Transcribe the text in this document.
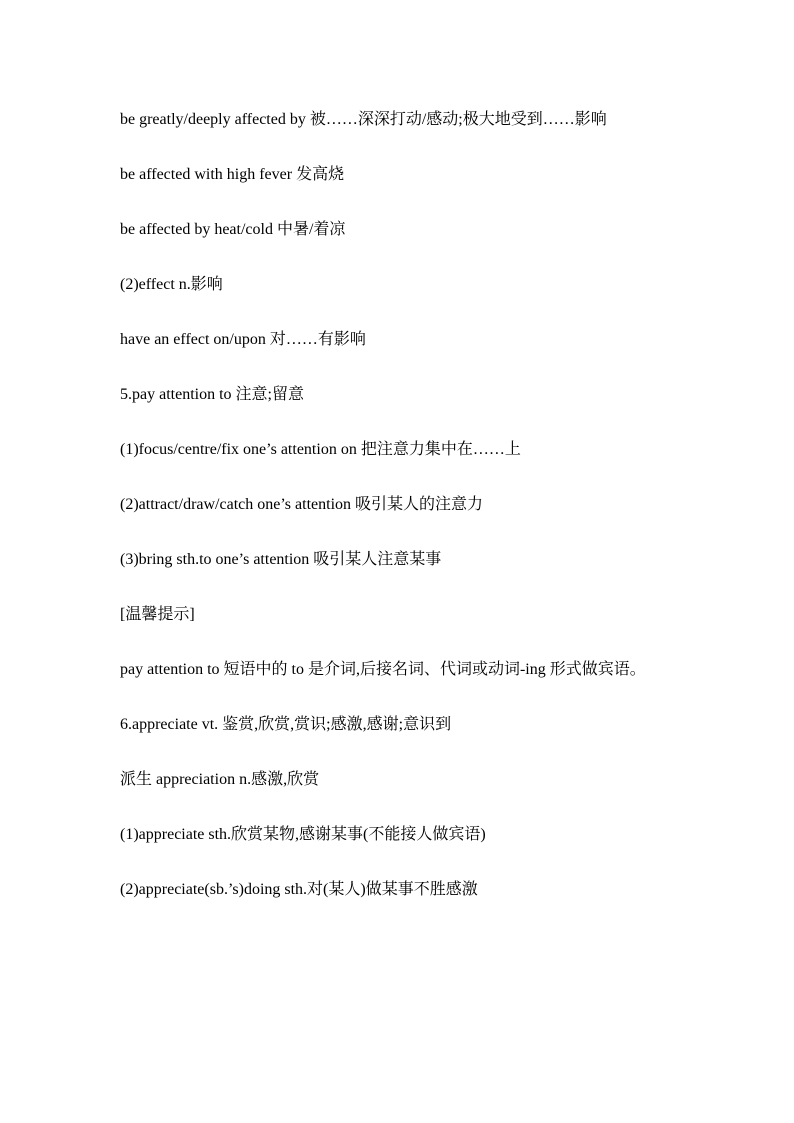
be greatly/deeply affected by 被……深深打动/感动;极大地受到……影响

be affected with high fever 发高烧

be affected by heat/cold 中暑/着凉

(2)effect n.影响

have an effect on/upon 对……有影响

5.pay attention to 注意;留意

(1)focus/centre/fix one’s attention on 把注意力集中在……上

(2)attract/draw/catch one’s attention 吸引某人的注意力

(3)bring sth.to one’s attention 吸引某人注意某事

[温馨提示]

pay attention to 短语中的 to 是介词,后接名词、代词或动词-ing 形式做宾语。

6.appreciate vt. 鉴赏,欣赏,赏识;感激,感谢;意识到

派生 appreciation n.感激,欣赏

(1)appreciate sth.欣赏某物,感谢某事(不能接人做宾语)

(2)appreciate(sb.’s)doing sth.对(某人)做某事不胜感激
